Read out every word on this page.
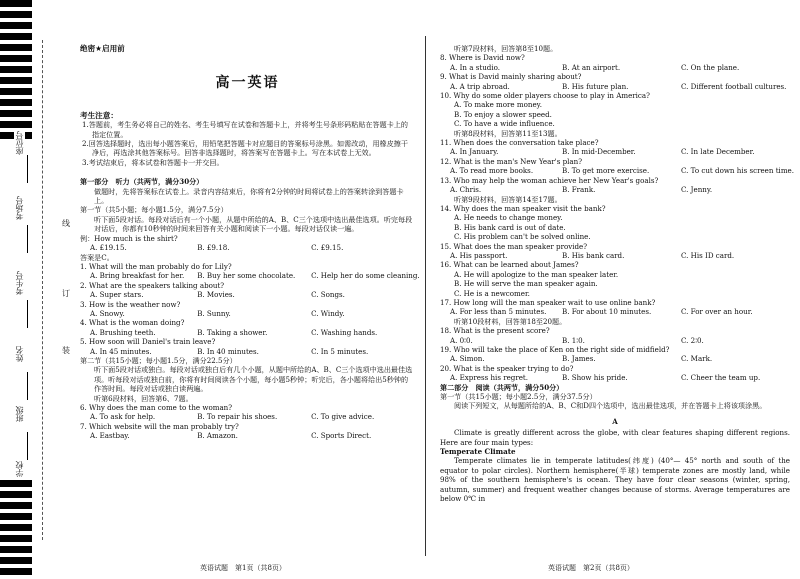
座位号
考场号
考生号
姓名
班级
学校
线
订
装
绝密★启用前
高一英语
考生注意：

1.答题前，考生务必将自己的姓名、考生号填写在试卷和答题卡上，并将考生号条形码粘贴在答题卡上的指定位置。

2.回答选择题时，选出每小题答案后，用铅笔把答题卡对应题目的答案标号涂黑。如需改动，用橡皮擦干净后，再选涂其他答案标号。回答非选择题时，将答案写在答题卡上。写在本试卷上无效。

3.考试结束后，将本试卷和答题卡一并交回。

第一部分　听力（共两节，满分30分）
做题时，先将答案标在试卷上。录音内容结束后，你将有2分钟的时间将试卷上的答案转涂到答题卡上。
第一节（共5小题；每小题1.5分，满分7.5分）
听下面5段对话。每段对话后有一个小题，从题中所给的A、B、C三个选项中选出最佳选项。听完每段对话后，你都有10秒钟的时间来回答有关小题和阅读下一小题。每段对话仅读一遍。
例：How much is the shirt?
A. £19.15.	B. £9.18.	C. £9.15.
答案是C。
1. What will the man probably do for Lily?
A. Bring breakfast for her.	B. Buy her some chocolate.	C. Help her do some cleaning.
2. What are the speakers talking about?
A. Super stars.	B. Movies.	C. Songs.
3. How is the weather now?
A. Snowy.	B. Sunny.	C. Windy.
4. What is the woman doing?
A. Brushing teeth.	B. Taking a shower.	C. Washing hands.
5. How soon will Daniel's train leave?
A. In 45 minutes.	B. In 40 minutes.	C. In 5 minutes.
第二节（共15小题；每小题1.5分，满分22.5分）
听下面5段对话或独白。每段对话或独白后有几个小题，从题中所给的A、B、C三个选项中选出最佳选项。听每段对话或独白前，你将有时间阅读各个小题，每小题5秒钟；听完后，各小题将给出5秒钟的作答时间。每段对话或独白读两遍。
听第6段材料，回答第6、7题。
6. Why does the man come to the woman?
A. To ask for help.	B. To repair his shoes.	C. To give advice.
7. Which website will the man probably try?
A. Eastbay.	B. Amazon.	C. Sports Direct.
听第7段材料，回答第8至10题。
8. Where is David now?
A. In a studio.	B. At an airport.	C. On the plane.
9. What is David mainly sharing about?
A. A trip abroad.	B. His future plan.	C. Different football cultures.
10. Why do some older players choose to play in America?
A. To make more money.
B. To enjoy a slower speed.
C. To have a wide influence.
听第8段材料，回答第11至13题。
11. When does the conversation take place?
A. In January.	B. In mid-December.	C. In late December.
12. What is the man's New Year's plan?
A. To read more books.	B. To get more exercise.	C. To cut down his screen time.
13. Who may help the woman achieve her New Year's goals?
A. Chris.	B. Frank.	C. Jenny.
听第9段材料，回答第14至17题。
14. Why does the man speaker visit the bank?
A. He needs to change money.
B. His bank card is out of date.
C. His problem can't be solved online.
15. What does the man speaker provide?
A. His passport.	B. His bank card.	C. His ID card.
16. What can be learned about James?
A. He will apologize to the man speaker later.
B. He will serve the man speaker again.
C. He is a newcomer.
17. How long will the man speaker wait to use online bank?
A. For less than 5 minutes.	B. For about 10 minutes.	C. For over an hour.
听第10段材料，回答第18至20题。
18. What is the present score?
A. 0∶0.	B. 1∶0.	C. 2∶0.
19. Who will take the place of Ken on the right side of midfield?
A. Simon.	B. James.	C. Mark.
20. What is the speaker trying to do?
A. Express his regret.	B. Show his pride.	C. Cheer the team up.
第二部分　阅读（共两节，满分50分）
第一节（共15小题；每小题2.5分，满分37.5分）
阅读下列短文，从每题所给的A、B、C和D四个选项中，选出最佳选项，并在答题卡上将该项涂黑。
A
Climate is greatly different across the globe, with clear features shaping different regions. Here are four main types:
Temperate Climate
Temperate climates lie in temperate latitudes(纬度) (40°— 45° north and south of the equator to polar circles). Northern hemisphere(半球) temperate zones are mostly land, while 98% of the southern hemisphere's is ocean. They have four clear seasons (winter, spring, autumn, summer) and frequent weather changes because of storms. Average temperatures are below 0℃ in
英语试题　第1页（共8页）	英语试题　第2页（共8页）
